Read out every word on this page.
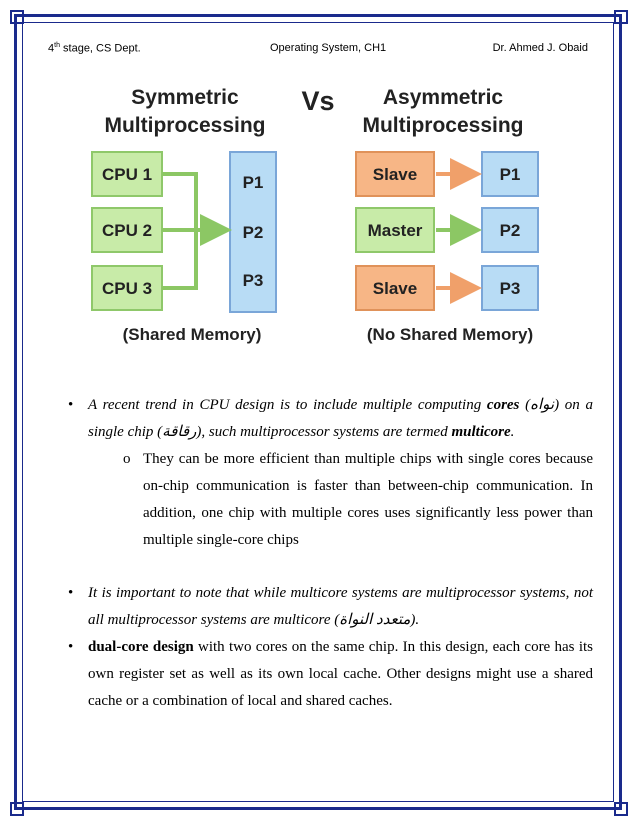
4th stage, CS Dept.	Operating System, CH1	Dr. Ahmed J. Obaid
Symmetric
Multiprocessing
Vs Asymmetric
Multiprocessing
CPU 1
CPU 2
CPU 3
P1
P2
P3
(Shared Memory)
Slave
Master
Slave
P1
P2
P3
(No Shared Memory)
• A recent trend in CPU design is to include multiple computing cores (نواه) on a single chip (رقاقة), such multiprocessor systems are termed multicore.
o They can be more efficient than multiple chips with single cores because on-chip communication is faster than between-chip communication. In addition, one chip with multiple cores uses significantly less power than multiple single-core chips
• It is important to note that while multicore systems are multiprocessor systems, not all multiprocessor systems are multicore (متعدد النواة).
• dual-core design with two cores on the same chip. In this design, each core has its own register set as well as its own local cache. Other designs might use a shared cache or a combination of local and shared caches.
